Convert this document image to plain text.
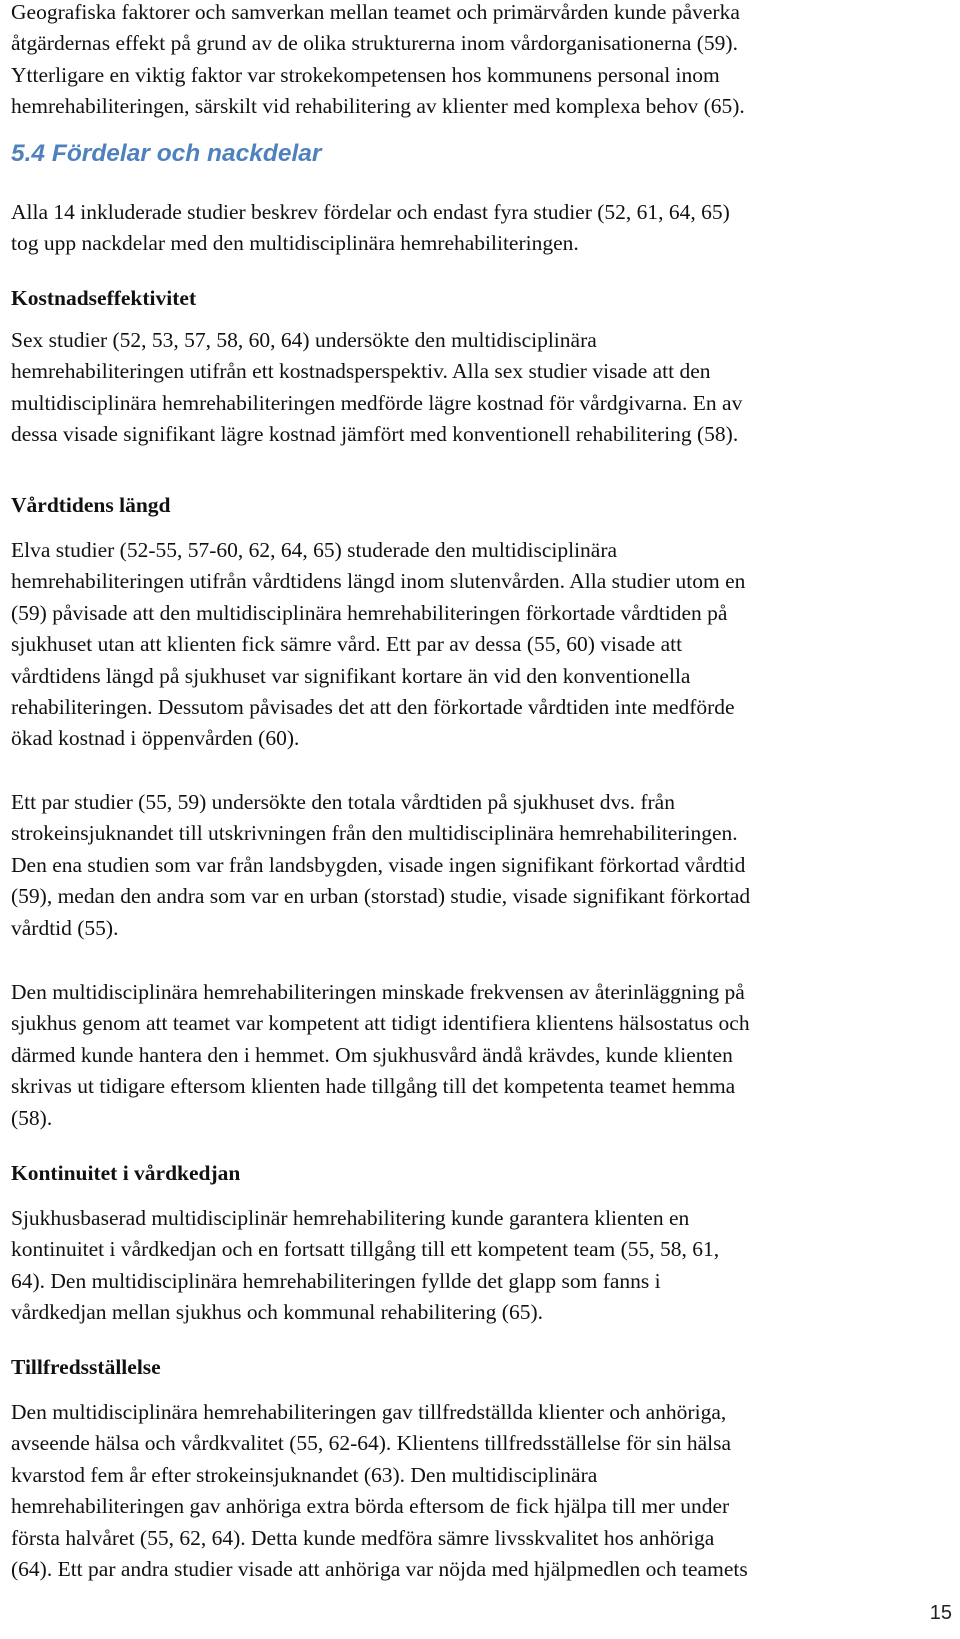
Geografiska faktorer och samverkan mellan teamet och primärvården kunde påverka

åtgärdernas effekt på grund av de olika strukturerna inom vårdorganisationerna (59).

Ytterligare en viktig faktor var strokekompetensen hos kommunens personal inom

hemrehabiliteringen, särskilt vid rehabilitering av klienter med komplexa behov (65).

5.4 Fördelar och nackdelar

Alla 14 inkluderade studier beskrev fördelar och endast fyra studier (52, 61, 64, 65)

tog upp nackdelar med den multidisciplinära hemrehabiliteringen.

Kostnadseffektivitet

Sex studier (52, 53, 57, 58, 60, 64) undersökte den multidisciplinära

hemrehabiliteringen utifrån ett kostnadsperspektiv. Alla sex studier visade att den

multidisciplinära hemrehabiliteringen medförde lägre kostnad för vårdgivarna. En av

dessa visade signifikant lägre kostnad jämfört med konventionell rehabilitering (58).

Vårdtidens längd

Elva studier (52-55, 57-60, 62, 64, 65) studerade den multidisciplinära

hemrehabiliteringen utifrån vårdtidens längd inom slutenvården. Alla studier utom en

(59) påvisade att den multidisciplinära hemrehabiliteringen förkortade vårdtiden på

sjukhuset utan att klienten fick sämre vård. Ett par av dessa (55, 60) visade att

vårdtidens längd på sjukhuset var signifikant kortare än vid den konventionella

rehabiliteringen. Dessutom påvisades det att den förkortade vårdtiden inte medförde

ökad kostnad i öppenvården (60).

Ett par studier (55, 59) undersökte den totala vårdtiden på sjukhuset dvs. från

strokeinsjuknandet till utskrivningen från den multidisciplinära hemrehabiliteringen.

Den ena studien som var från landsbygden, visade ingen signifikant förkortad vårdtid

(59), medan den andra som var en urban (storstad) studie, visade signifikant förkortad

vårdtid (55).

Den multidisciplinära hemrehabiliteringen minskade frekvensen av återinläggning på

sjukhus genom att teamet var kompetent att tidigt identifiera klientens hälsostatus och

därmed kunde hantera den i hemmet. Om sjukhusvård ändå krävdes, kunde klienten

skrivas ut tidigare eftersom klienten hade tillgång till det kompetenta teamet hemma

(58).

Kontinuitet i vårdkedjan

Sjukhusbaserad multidisciplinär hemrehabilitering kunde garantera klienten en

kontinuitet i vårdkedjan och en fortsatt tillgång till ett kompetent team (55, 58, 61,

64). Den multidisciplinära hemrehabiliteringen fyllde det glapp som fanns i

vårdkedjan mellan sjukhus och kommunal rehabilitering (65).

Tillfredsställelse

Den multidisciplinära hemrehabiliteringen gav tillfredställda klienter och anhöriga,

avseende hälsa och vårdkvalitet (55, 62-64). Klientens tillfredsställelse för sin hälsa

kvarstod fem år efter strokeinsjuknandet (63). Den multidisciplinära

hemrehabiliteringen gav anhöriga extra börda eftersom de fick hjälpa till mer under

första halvåret (55, 62, 64). Detta kunde medföra sämre livsskvalitet hos anhöriga

(64). Ett par andra studier visade att anhöriga var nöjda med hjälpmedlen och teamets

15
